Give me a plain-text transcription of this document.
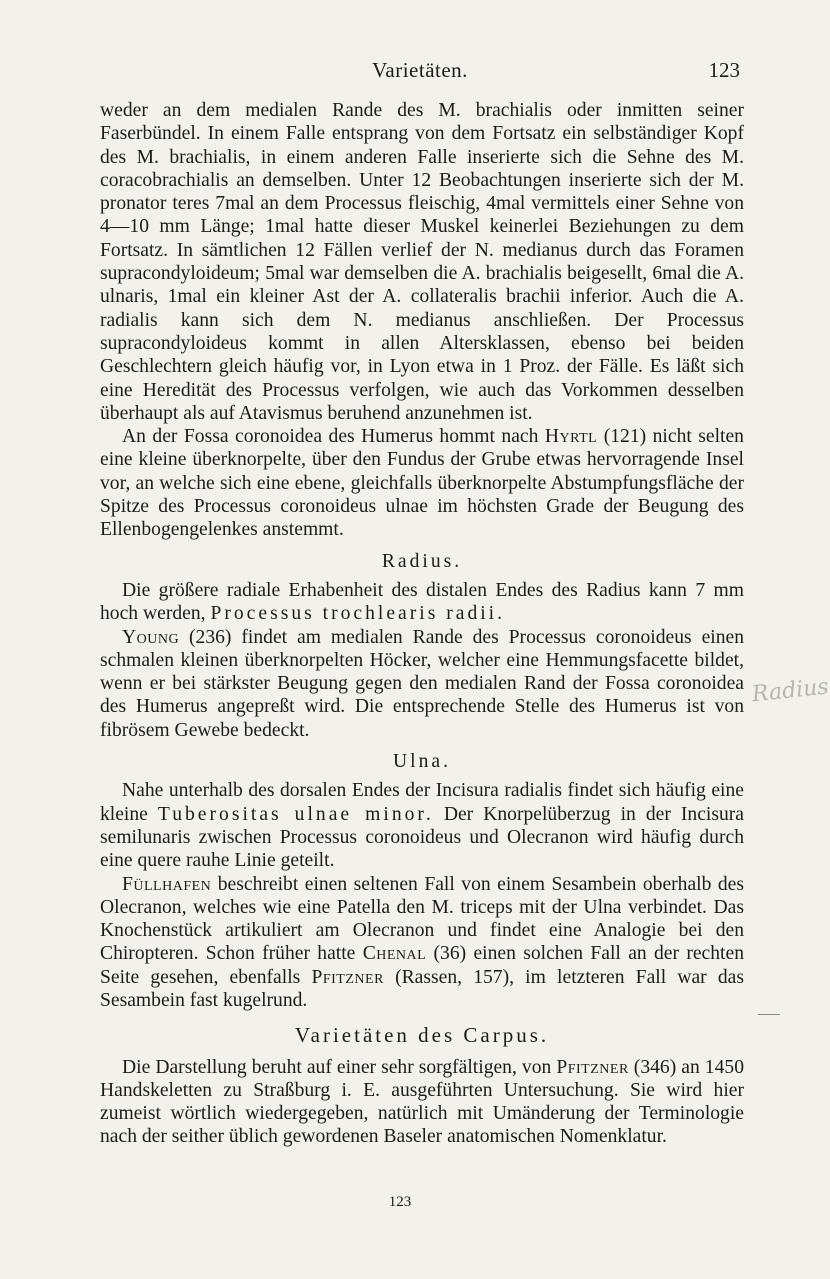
Varietäten.	123

weder an dem medialen Rande des M. brachialis oder inmitten seiner Faserbündel. In einem Falle entsprang von dem Fortsatz ein selbständiger Kopf des M. brachialis, in einem anderen Falle inserierte sich die Sehne des M. coracobrachialis an demselben. Unter 12 Beobachtungen inserierte sich der M. pronator teres 7mal an dem Processus fleischig, 4mal vermittels einer Sehne von 4—10 mm Länge; 1mal hatte dieser Muskel keinerlei Beziehungen zu dem Fortsatz. In sämtlichen 12 Fällen verlief der N. medianus durch das Foramen supracondyloideum; 5mal war demselben die A. brachialis beigesellt, 6mal die A. ulnaris, 1mal ein kleiner Ast der A. collateralis brachii inferior. Auch die A. radialis kann sich dem N. medianus anschließen. Der Processus supracondyloideus kommt in allen Altersklassen, ebenso bei beiden Geschlechtern gleich häufig vor, in Lyon etwa in 1 Proz. der Fälle. Es läßt sich eine Heredität des Processus verfolgen, wie auch das Vorkommen desselben überhaupt als auf Atavismus beruhend anzunehmen ist.

An der Fossa coronoidea des Humerus hommt nach Hyrtl (121) nicht selten eine kleine überknorpelte, über den Fundus der Grube etwas hervorragende Insel vor, an welche sich eine ebene, gleichfalls überknorpelte Abstumpfungsfläche der Spitze des Processus coronoideus ulnae im höchsten Grade der Beugung des Ellenbogengelenkes anstemmt.

Radius.

Die größere radiale Erhabenheit des distalen Endes des Radius kann 7 mm hoch werden, Processus trochlearis radii.

Young (236) findet am medialen Rande des Processus coronoideus einen schmalen kleinen überknorpelten Höcker, welcher eine Hemmungsfacette bildet, wenn er bei stärkster Beugung gegen den medialen Rand der Fossa coronoidea des Humerus angepreßt wird. Die entsprechende Stelle des Humerus ist von fibrösem Gewebe bedeckt.

Ulna.

Nahe unterhalb des dorsalen Endes der Incisura radialis findet sich häufig eine kleine Tuberositas ulnae minor. Der Knorpelüberzug in der Incisura semilunaris zwischen Processus coronoideus und Olecranon wird häufig durch eine quere rauhe Linie geteilt.

Füllhafen beschreibt einen seltenen Fall von einem Sesambein oberhalb des Olecranon, welches wie eine Patella den M. triceps mit der Ulna verbindet. Das Knochenstück artikuliert am Olecranon und findet eine Analogie bei den Chiropteren. Schon früher hatte Chenal (36) einen solchen Fall an der rechten Seite gesehen, ebenfalls Pfitzner (Rassen, 157), im letzteren Fall war das Sesambein fast kugelrund.

Varietäten des Carpus.

Die Darstellung beruht auf einer sehr sorgfältigen, von Pfitzner (346) an 1450 Handskeletten zu Straßburg i. E. ausgeführten Untersuchung. Sie wird hier zumeist wörtlich wiedergegeben, natürlich mit Umänderung der Terminologie nach der seither üblich gewordenen Baseler anatomischen Nomenklatur.

Radius
123
